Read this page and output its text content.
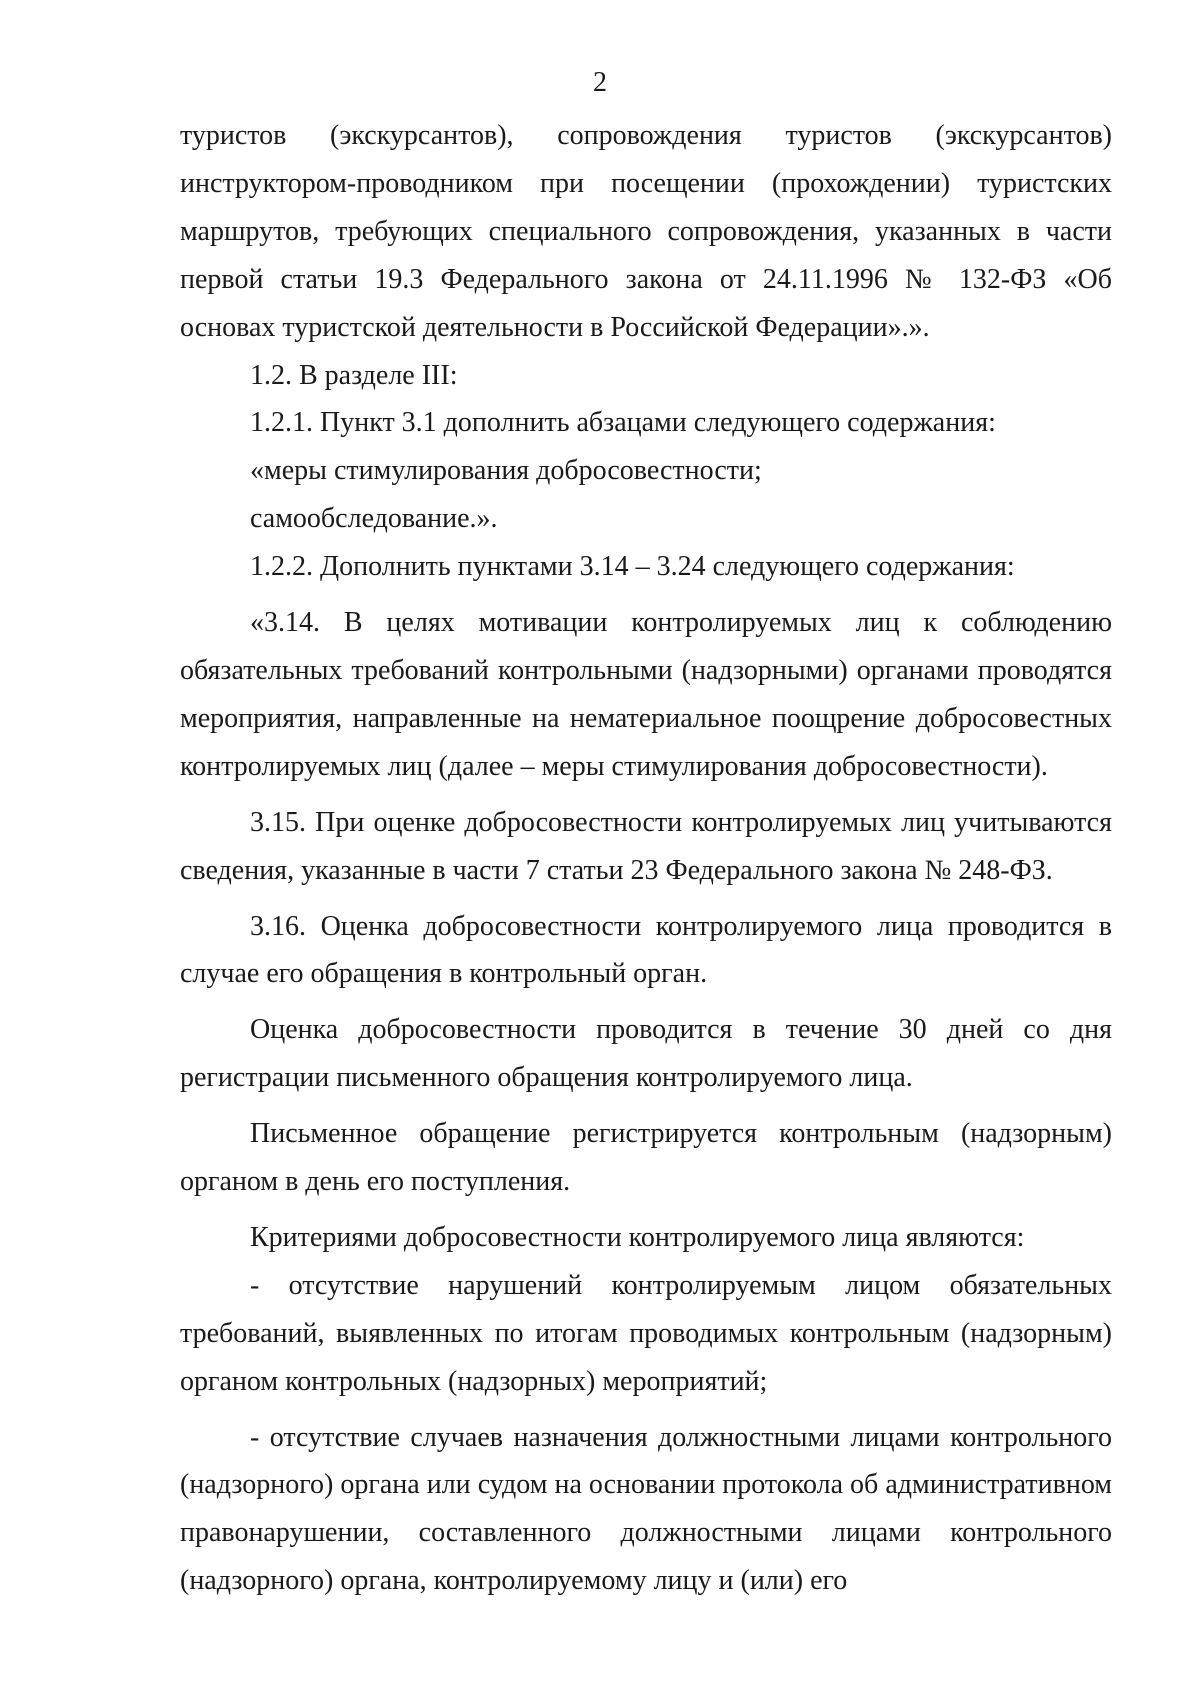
2

туристов (экскурсантов), сопровождения туристов (экскурсантов) инструктором-проводником при посещении (прохождении) туристских маршрутов, требующих специального сопровождения, указанных в части первой статьи 19.3 Федерального закона от 24.11.1996 № 132-ФЗ «Об основах туристской деятельности в Российской Федерации».».

1.2. В разделе III:

1.2.1. Пункт 3.1 дополнить абзацами следующего содержания:

«меры стимулирования добросовестности;

самообследование.».

1.2.2. Дополнить пунктами 3.14 – 3.24 следующего содержания:

«3.14. В целях мотивации контролируемых лиц к соблюдению обязательных требований контрольными (надзорными) органами проводятся мероприятия, направленные на нематериальное поощрение добросовестных контролируемых лиц (далее – меры стимулирования добросовестности).

3.15. При оценке добросовестности контролируемых лиц учитываются сведения, указанные в части 7 статьи 23 Федерального закона № 248-ФЗ.

3.16. Оценка добросовестности контролируемого лица проводится в случае его обращения в контрольный орган.

Оценка добросовестности проводится в течение 30 дней со дня регистрации письменного обращения контролируемого лица.

Письменное обращение регистрируется контрольным (надзорным) органом в день его поступления.

Критериями добросовестности контролируемого лица являются:

- отсутствие нарушений контролируемым лицом обязательных требований, выявленных по итогам проводимых контрольным (надзорным) органом контрольных (надзорных) мероприятий;

- отсутствие случаев назначения должностными лицами контрольного (надзорного) органа или судом на основании протокола об административном правонарушении, составленного должностными лицами контрольного (надзорного) органа, контролируемому лицу и (или) его
